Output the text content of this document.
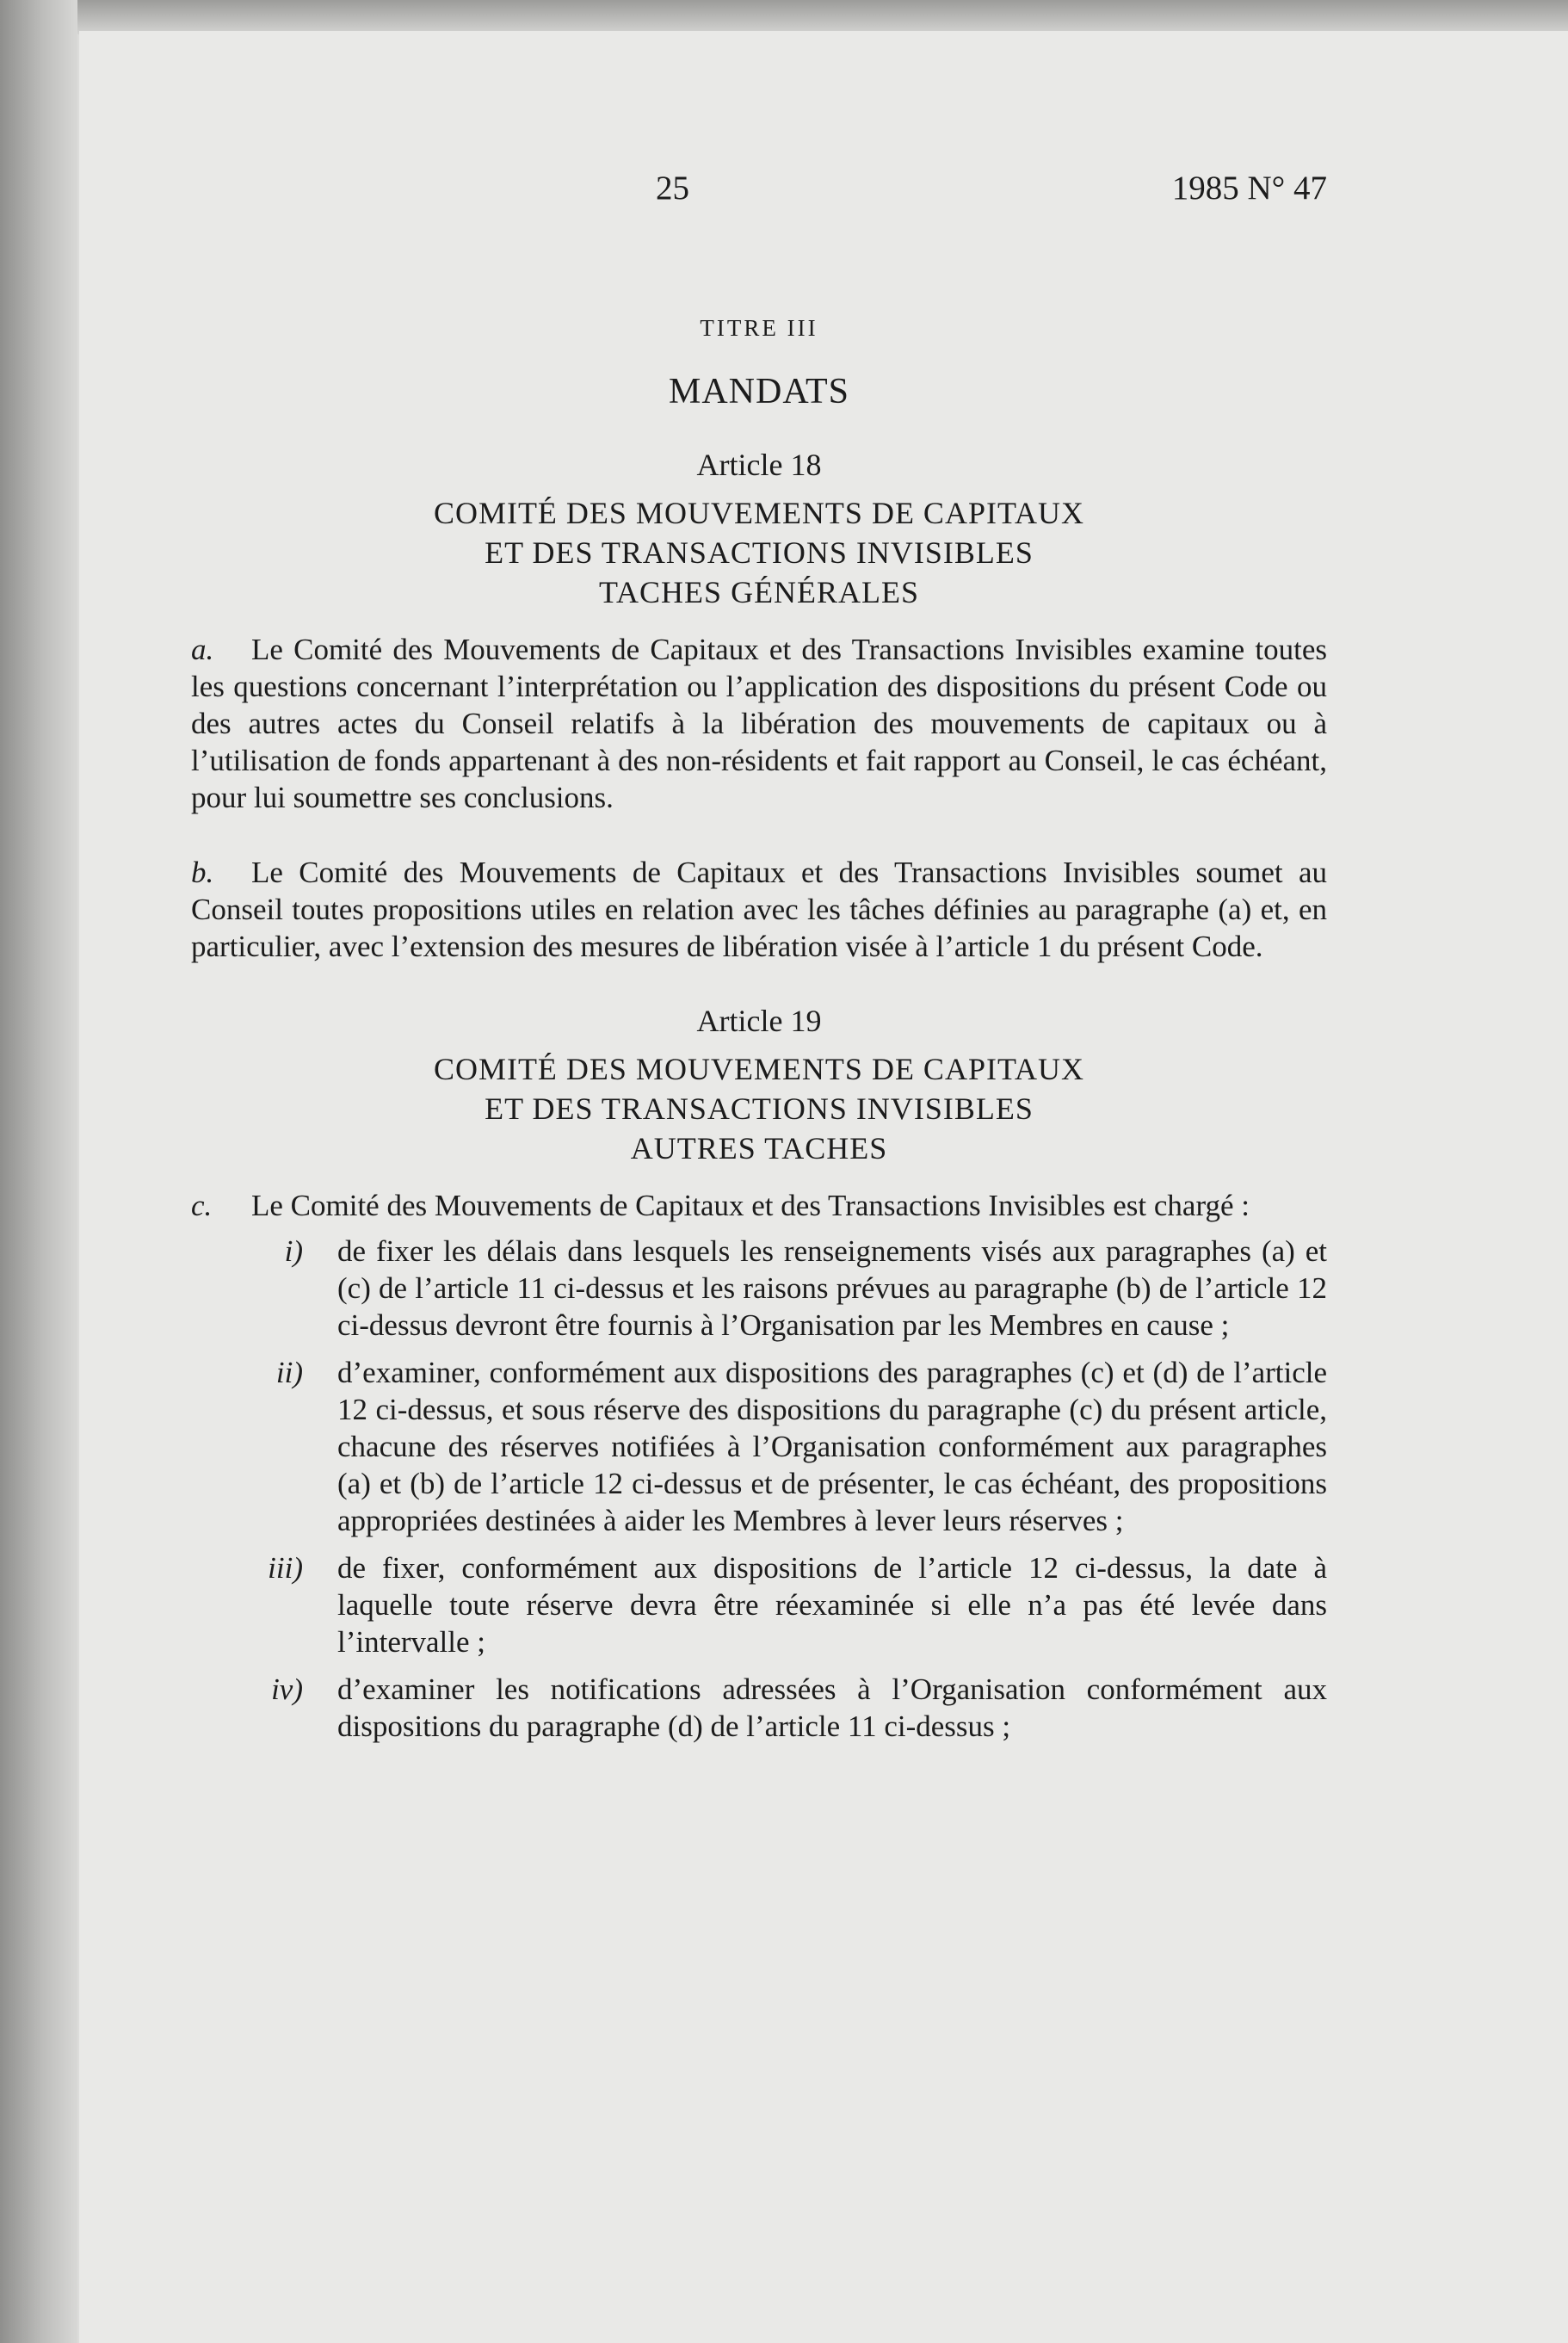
25	1985 N° 47
TITRE III
MANDATS
Article 18
COMITÉ DES MOUVEMENTS DE CAPITAUX
ET DES TRANSACTIONS INVISIBLES
TACHES GÉNÉRALES

a. Le Comité des Mouvements de Capitaux et des Transactions Invisibles examine toutes les questions concernant l’interprétation ou l’application des dispositions du présent Code ou des autres actes du Conseil relatifs à la libération des mouvements de capitaux ou à l’utilisation de fonds appartenant à des non-résidents et fait rapport au Conseil, le cas échéant, pour lui soumettre ses conclusions.

b. Le Comité des Mouvements de Capitaux et des Transactions Invisibles soumet au Conseil toutes propositions utiles en relation avec les tâches définies au paragraphe (a) et, en particulier, avec l’extension des mesures de libération visée à l’article 1 du présent Code.

Article 19
COMITÉ DES MOUVEMENTS DE CAPITAUX
ET DES TRANSACTIONS INVISIBLES
AUTRES TACHES

c. Le Comité des Mouvements de Capitaux et des Transactions Invisibles est chargé :

i) de fixer les délais dans lesquels les renseignements visés aux paragraphes (a) et (c) de l’article 11 ci-dessus et les raisons prévues au paragraphe (b) de l’article 12 ci-dessus devront être fournis à l’Organisation par les Membres en cause ;
ii) d’examiner, conformément aux dispositions des paragraphes (c) et (d) de l’article 12 ci-dessus, et sous réserve des dispositions du paragraphe (c) du présent article, chacune des réserves notifiées à l’Organisation conformément aux paragraphes (a) et (b) de l’article 12 ci-dessus et de présenter, le cas échéant, des propositions appropriées destinées à aider les Membres à lever leurs réserves ;
iii) de fixer, conformément aux dispositions de l’article 12 ci-dessus, la date à laquelle toute réserve devra être réexaminée si elle n’a pas été levée dans l’intervalle ;
iv) d’examiner les notifications adressées à l’Organisation conformément aux dispositions du paragraphe (d) de l’article 11 ci-dessus ;
